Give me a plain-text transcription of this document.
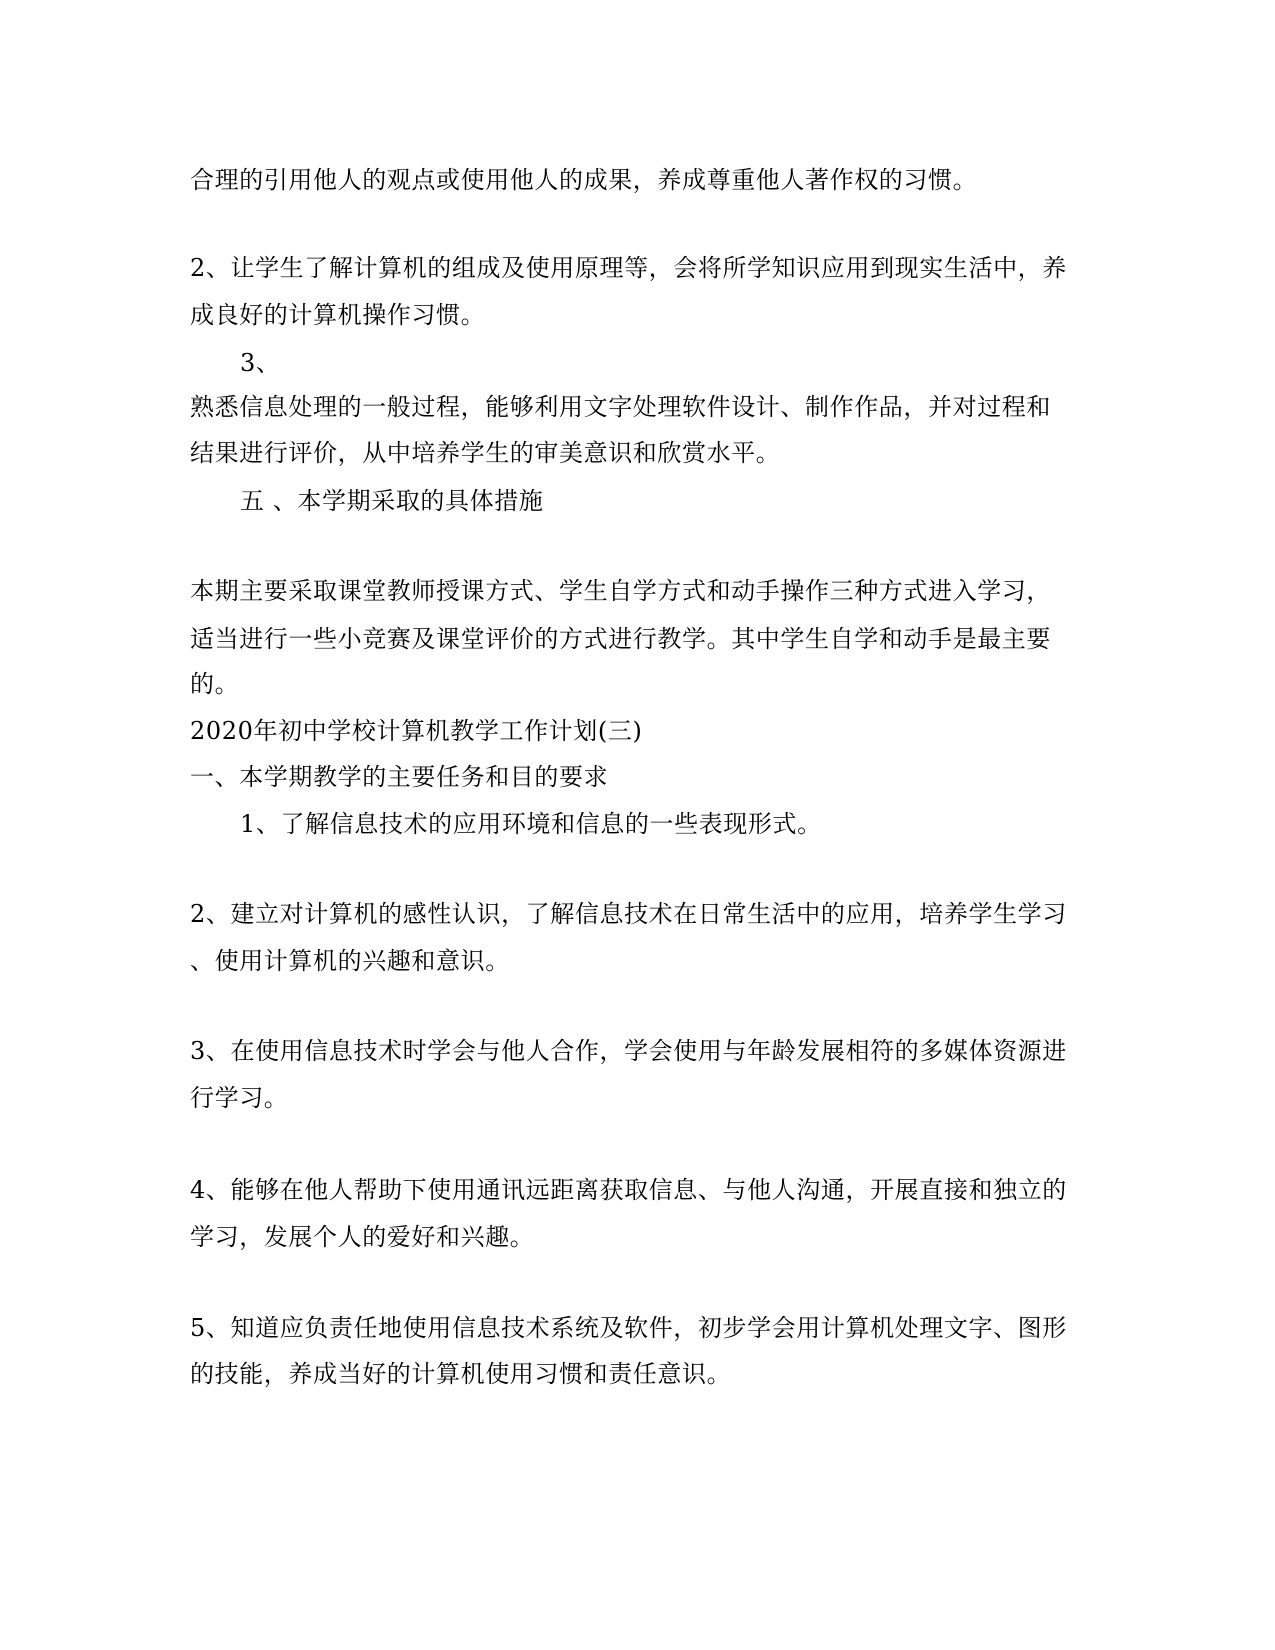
合理的引用他人的观点或使用他人的成果，养成尊重他人著作权的习惯。
2、让学生了解计算机的组成及使用原理等，会将所学知识应用到现实生活中，养
成良好的计算机操作习惯。
3、
熟悉信息处理的一般过程，能够利用文字处理软件设计、制作作品，并对过程和
结果进行评价，从中培养学生的审美意识和欣赏水平。
五 、本学期采取的具体措施
本期主要采取课堂教师授课方式、学生自学方式和动手操作三种方式进入学习，
适当进行一些小竞赛及课堂评价的方式进行教学。其中学生自学和动手是最主要
的。
2020年初中学校计算机教学工作计划(三)
一、本学期教学的主要任务和目的要求
1、了解信息技术的应用环境和信息的一些表现形式。
2、建立对计算机的感性认识，了解信息技术在日常生活中的应用，培养学生学习
、使用计算机的兴趣和意识。
3、在使用信息技术时学会与他人合作，学会使用与年龄发展相符的多媒体资源进
行学习。
4、能够在他人帮助下使用通讯远距离获取信息、与他人沟通，开展直接和独立的
学习，发展个人的爱好和兴趣。
5、知道应负责任地使用信息技术系统及软件，初步学会用计算机处理文字、图形
的技能，养成当好的计算机使用习惯和责任意识。
